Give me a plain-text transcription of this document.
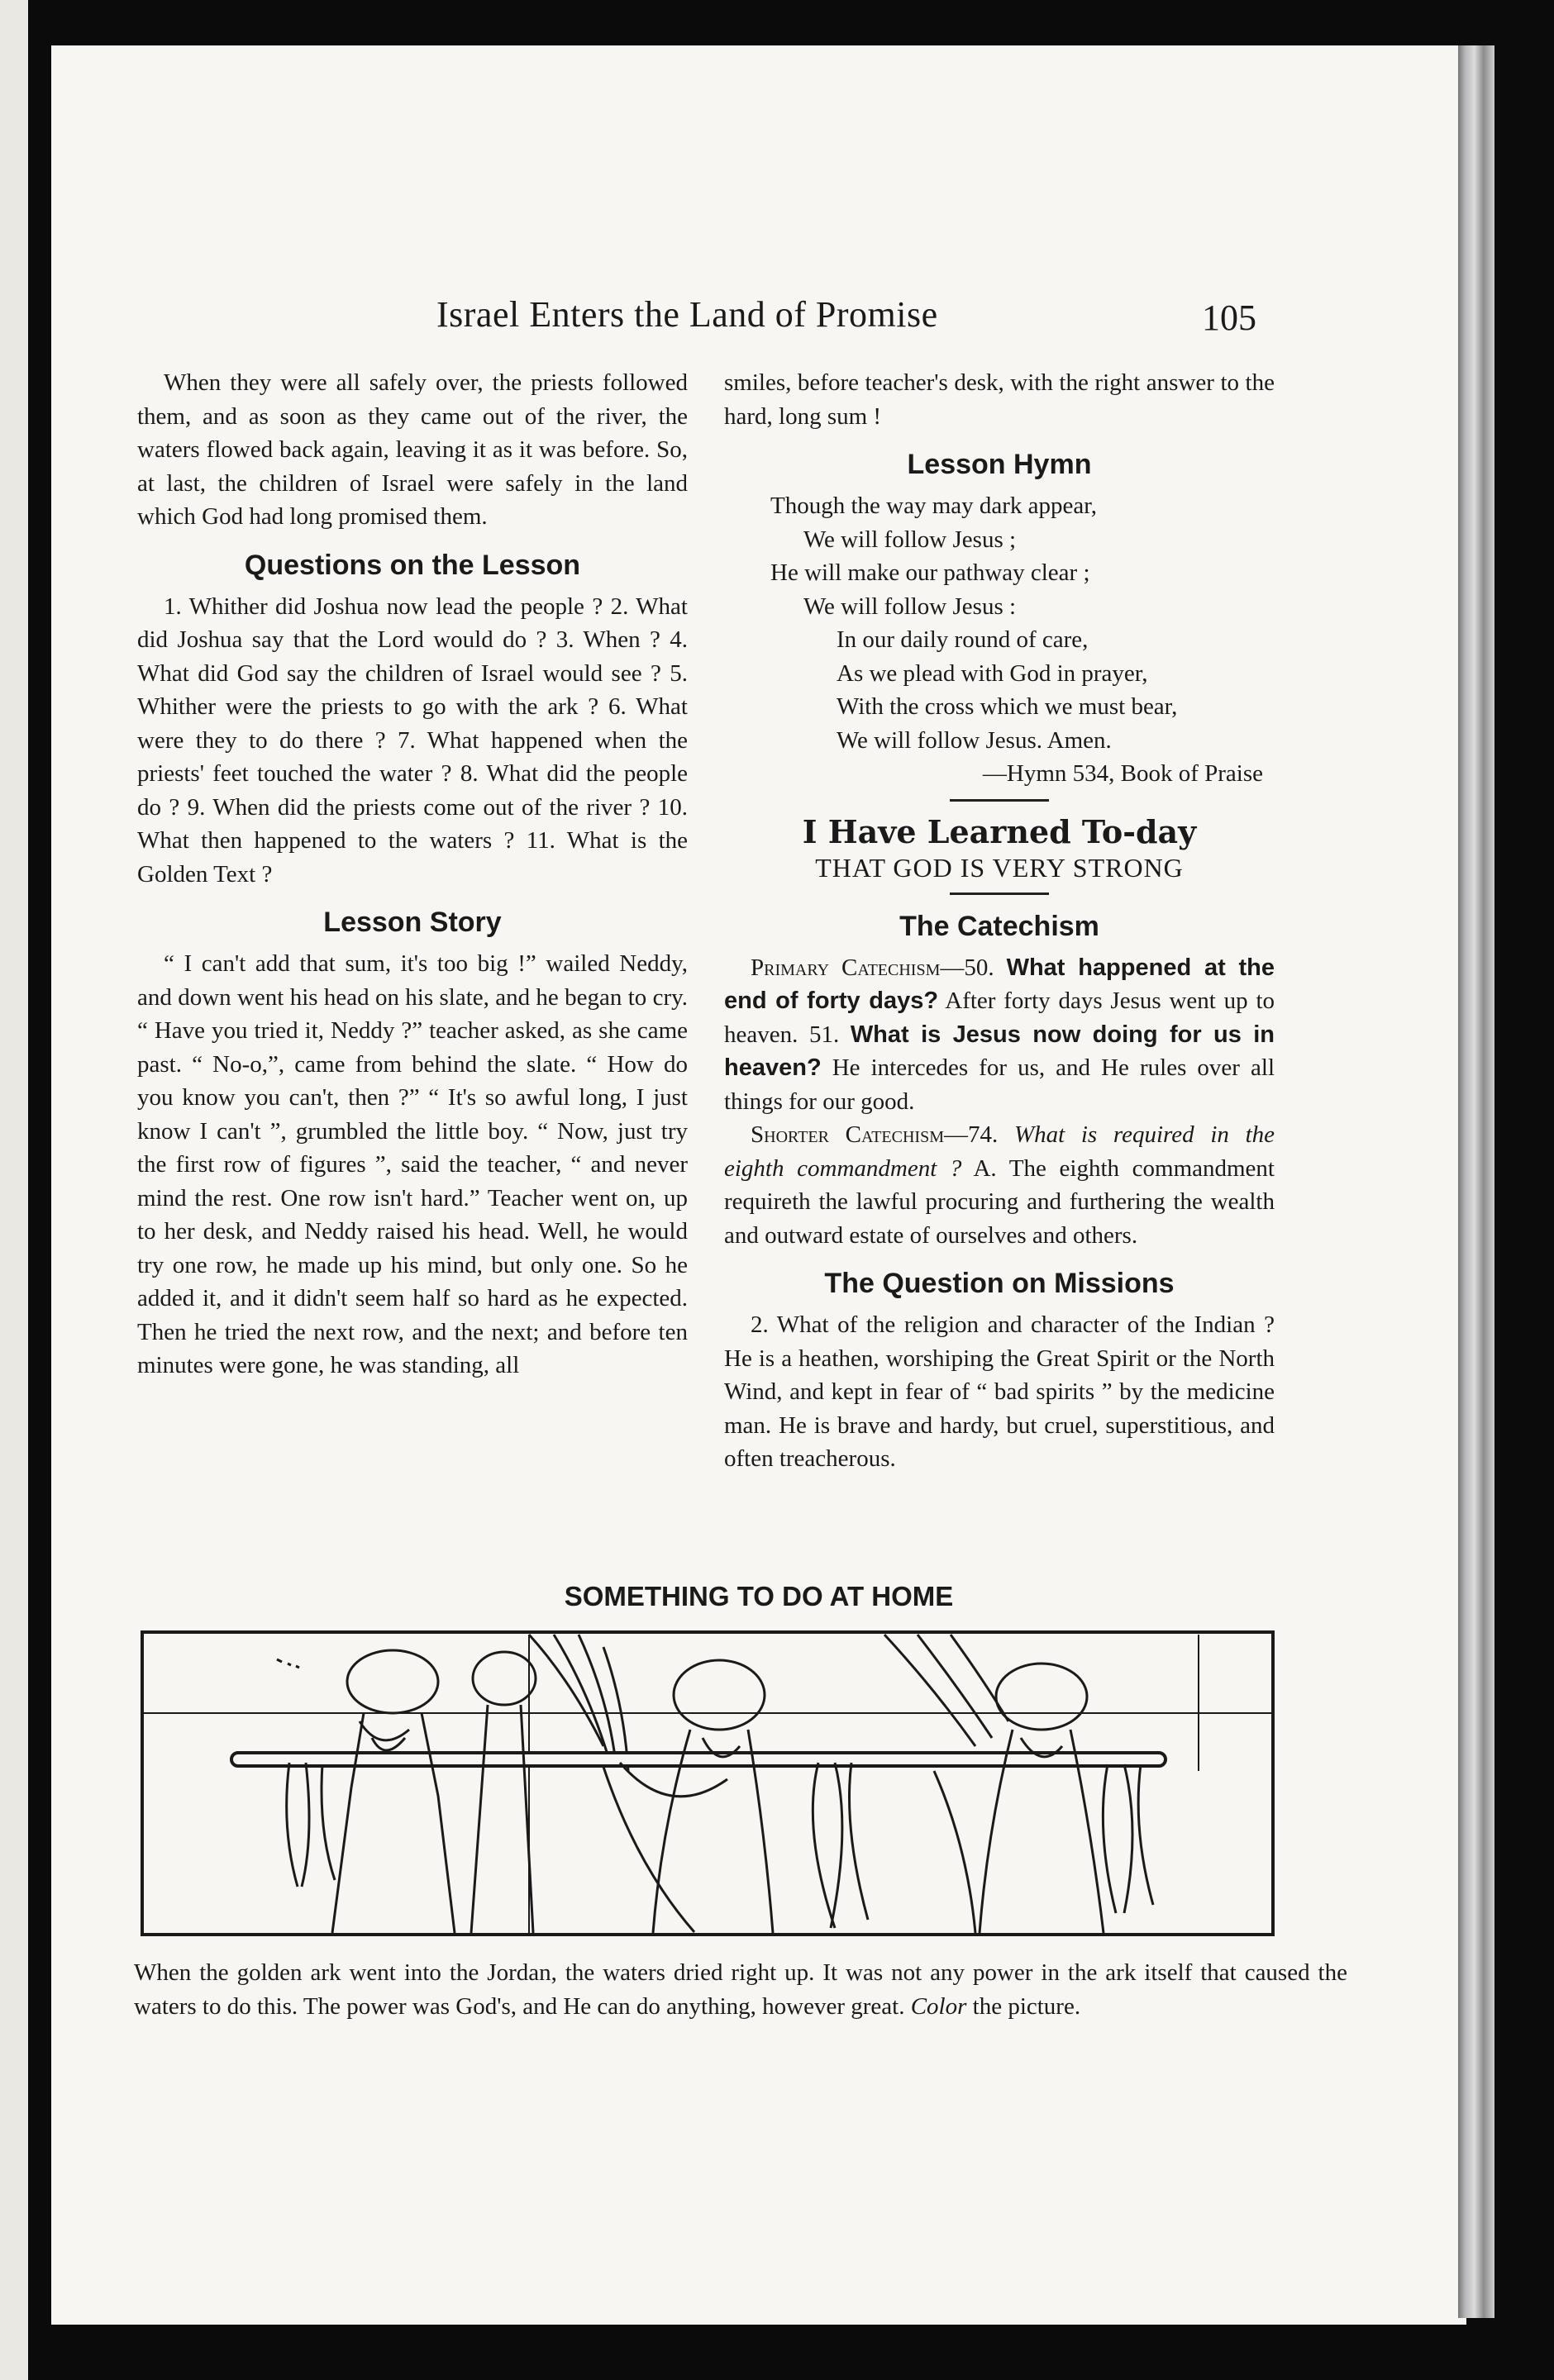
Israel Enters the Land of Promise	105

When they were all safely over, the priests followed them, and as soon as they came out of the river, the waters flowed back again, leaving it as it was before. So, at last, the children of Israel were safely in the land which God had long promised them.

Questions on the Lesson

1. Whither did Joshua now lead the people ? 2. What did Joshua say that the Lord would do ? 3. When ? 4. What did God say the children of Israel would see ? 5. Whither were the priests to go with the ark ? 6. What were they to do there ? 7. What happened when the priests' feet touched the water ? 8. What did the people do ? 9. When did the priests come out of the river ? 10. What then happened to the waters ? 11. What is the Golden Text ?

Lesson Story

“ I can't add that sum, it's too big !” wailed Neddy, and down went his head on his slate, and he began to cry. “ Have you tried it, Neddy ?” teacher asked, as she came past. “ No-o,”, came from behind the slate. “ How do you know you can't, then ?” “ It's so awful long, I just know I can't ”, grumbled the little boy. “ Now, just try the first row of figures ”, said the teacher, “ and never mind the rest. One row isn't hard.” Teacher went on, up to her desk, and Neddy raised his head. Well, he would try one row, he made up his mind, but only one. So he added it, and it didn't seem half so hard as he expected. Then he tried the next row, and the next; and before ten minutes were gone, he was standing, all

smiles, before teacher's desk, with the right answer to the hard, long sum !

Lesson Hymn
Though the way may dark appear,
We will follow Jesus ;
He will make our pathway clear ;
We will follow Jesus :
In our daily round of care,
As we plead with God in prayer,
With the cross which we must bear,
We will follow Jesus. Amen.
—Hymn 534, Book of Praise
I Have Learned To-day
THAT GOD IS VERY STRONG
The Catechism

Primary Catechism—50. What happened at the end of forty days? After forty days Jesus went up to heaven. 51. What is Jesus now doing for us in heaven? He intercedes for us, and He rules over all things for our good.

Shorter Catechism—74. What is required in the eighth commandment ? A. The eighth commandment requireth the lawful procuring and furthering the wealth and outward estate of ourselves and others.

The Question on Missions

2. What of the religion and character of the Indian ? He is a heathen, worshiping the Great Spirit or the North Wind, and kept in fear of “ bad spirits ” by the medicine man. He is brave and hardy, but cruel, superstitious, and often treacherous.

SOMETHING TO DO AT HOME

When the golden ark went into the Jordan, the waters dried right up. It was not any power in the ark itself that caused the waters to do this. The power was God's, and He can do anything, however great. Color the picture.
